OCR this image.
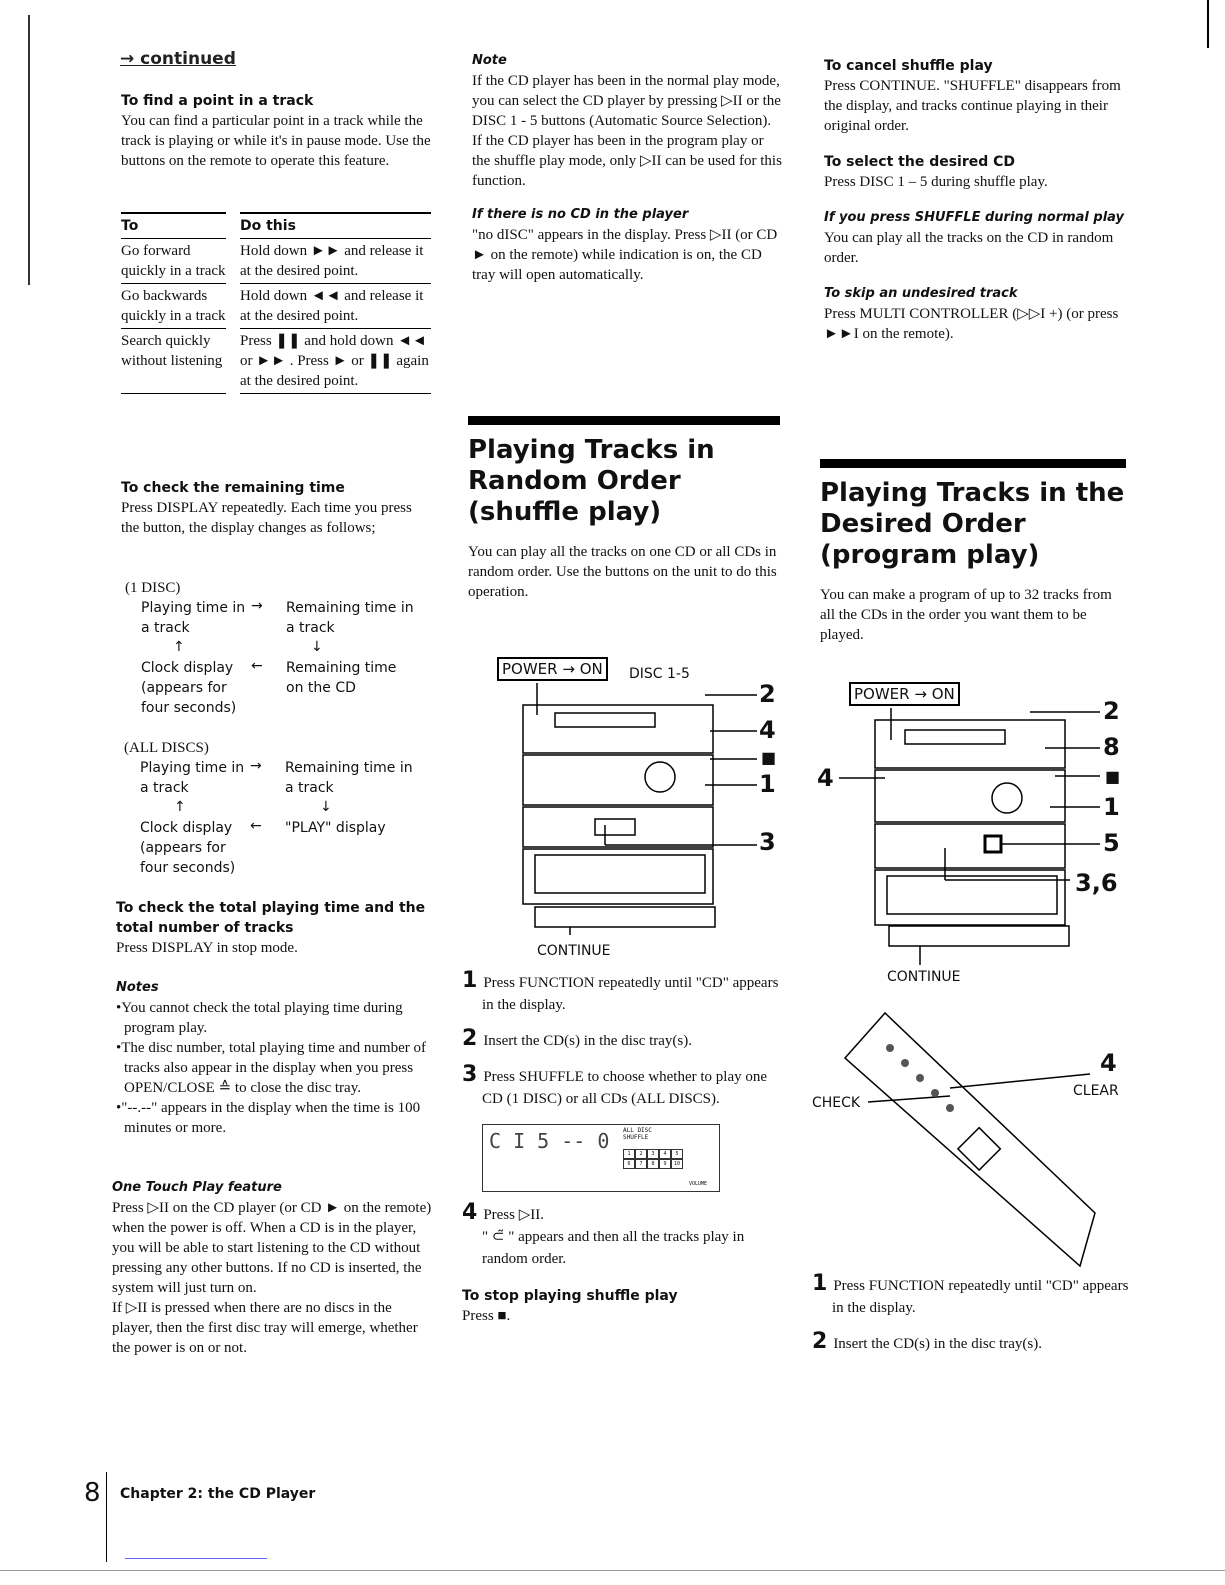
→ continued

To find a point in a track

You can find a particular point in a track while the track is playing or while it's in pause mode. Use the buttons on the remote to operate this feature.

To		Do this
Go forward quickly in a track		Hold down ►► and release it at the desired point.
Go backwards quickly in a track		Hold down ◄◄ and release it at the desired point.
Search quickly without listening		Press ❚❚ and hold down ◄◄ or ►► . Press ► or ❚❚ again at the desired point.

To check the remaining time

Press DISPLAY repeatedly. Each time you press the button, the display changes as follows;

(1 DISC)
Playing time in a track
→ Remaining time in a track
↑	↓
Clock display (appears for four seconds)
← Remaining time on the CD
(ALL DISCS)
Playing time in a track
→ Remaining time in a track
↑	↓
Clock display (appears for four seconds)
← "PLAY" display

To check the total playing time and the total number of tracks

Press DISPLAY in stop mode.

Notes

•You cannot check the total playing time during program play.

•The disc number, total playing time and number of tracks also appear in the display when you press OPEN/CLOSE ≙ to close the disc tray.

•"--.--" appears in the display when the time is 100 minutes or more.

One Touch Play feature

Press ▷II on the CD player (or CD ► on the remote) when the power is off. When a CD is in the player, you will be able to start listening to the CD without pressing any other buttons. If no CD is inserted, the system will just turn on.

If ▷II is pressed when there are no discs in the player, then the first disc tray will emerge, whether the power is on or not.

Note

If the CD player has been in the normal play mode, you can select the CD player by pressing ▷II or the DISC 1 - 5 buttons (Automatic Source Selection).

If the CD player has been in the program play or the shuffle play mode, only ▷II can be used for this function.

If there is no CD in the player

"no dISC" appears in the display. Press ▷II (or CD ► on the remote) while indication is on, the CD tray will open automatically.

Playing Tracks in Random Order (shuffle play)

You can play all the tracks on one CD or all CDs in random order. Use the buttons on the unit to do this operation.

POWER → ON	DISC 1-5
2
4
■
1
3
CONTINUE

1 Press FUNCTION repeatedly until "CD" appears in the display.

2 Insert the CD(s) in the disc tray(s).

3 Press SHUFFLE to choose whether to play one CD (1 DISC) or all CDs (ALL DISCS).

C I 5 -- 0 ALL DISC SHUFFLE
VOLUME
1	2	3	4	5
6	7	8	9	10

4 Press ▷II.

" ⊂̃ " appears and then all the tracks play in random order.

To stop playing shuffle play

Press ■.

To cancel shuffle play

Press CONTINUE. "SHUFFLE" disappears from the display, and tracks continue playing in their original order.

To select the desired CD

Press DISC 1 – 5 during shuffle play.

If you press SHUFFLE during normal play

You can play all the tracks on the CD in random order.

To skip an undesired track

Press MULTI CONTROLLER (▷▷I +) (or press ►►I on the remote).

Playing Tracks in the Desired Order (program play)

You can make a program of up to 32 tracks from all the CDs in the order you want them to be played.

POWER → ON
4
2
8
■
1
5
3,6
CONTINUE
CHECK
CLEAR
4

1 Press FUNCTION repeatedly until "CD" appears in the display.

2 Insert the CD(s) in the disc tray(s).

8 Chapter 2: the CD Player
